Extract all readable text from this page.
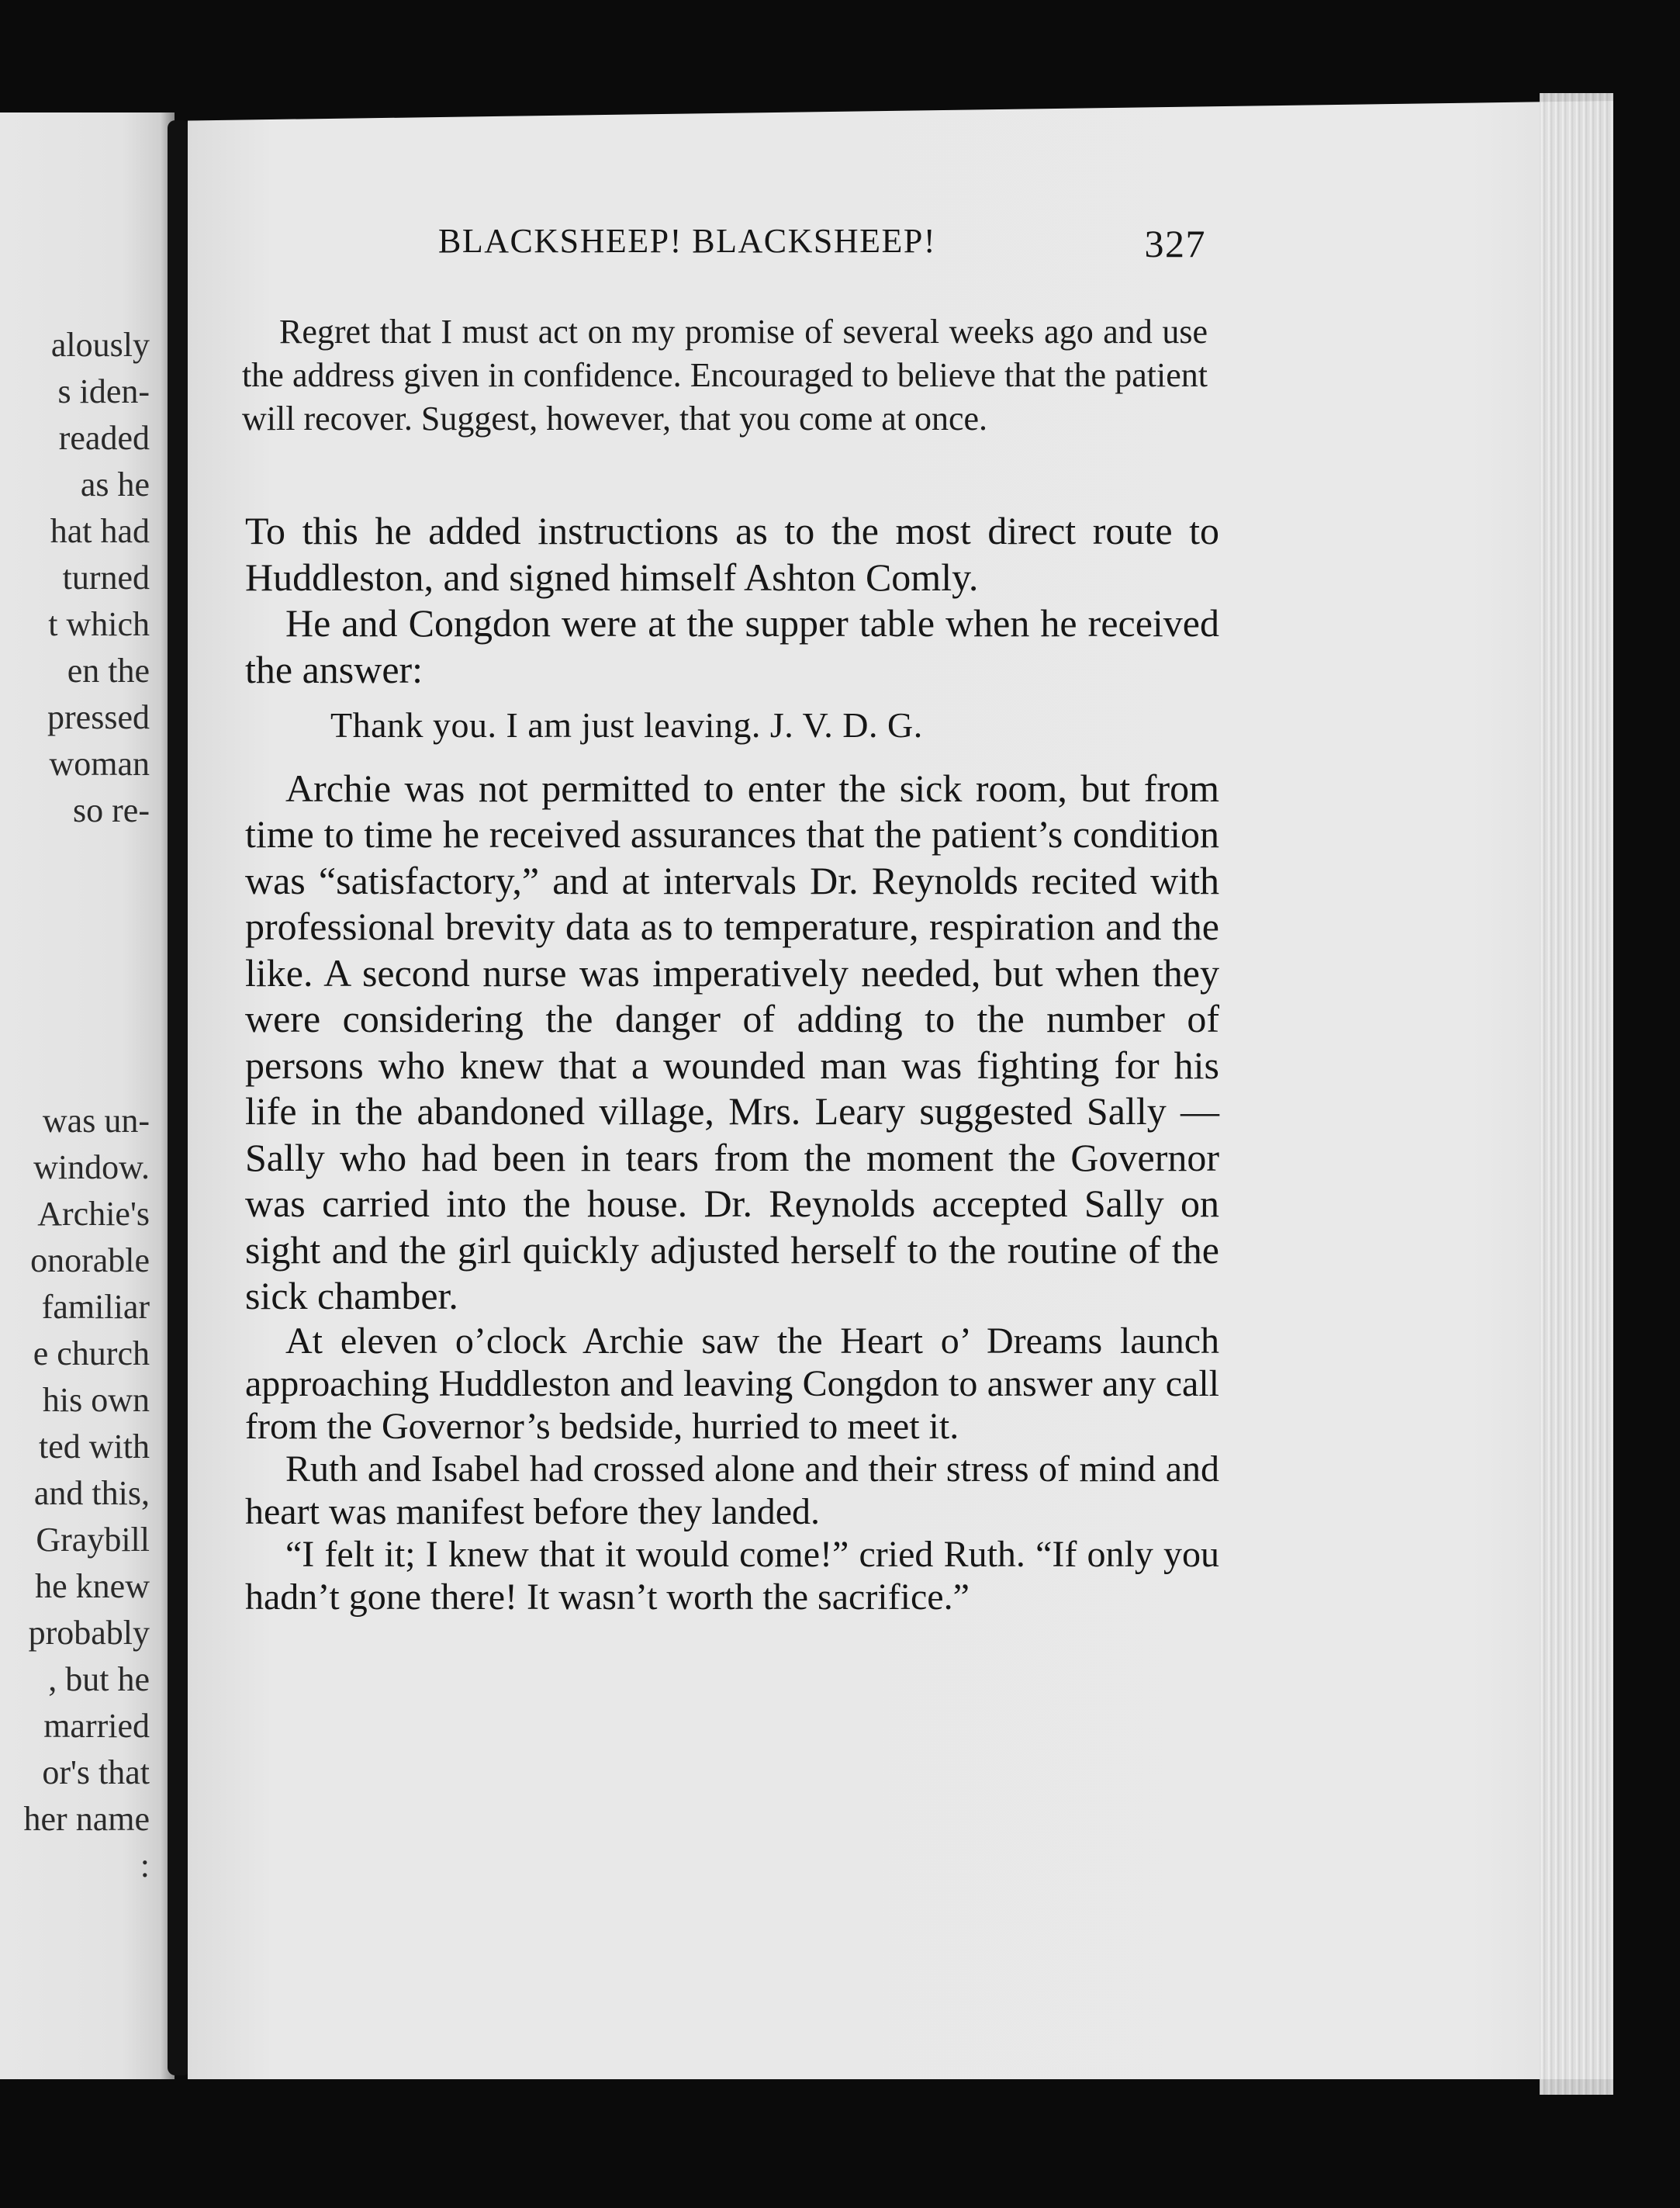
alously
s iden-
readed
as he
hat had
turned
t which
en the
pressed
woman
so re-
was un-
window.
Archie's
onorable
familiar
e church
his own
ted with
and this,
Graybill
he knew
probably
, but he
married
or's that
her name
:
BLACKSHEEP! BLACKSHEEP!	327

Regret that I must act on my promise of several weeks ago and use the address given in confidence. Encouraged to believe that the patient will recover. Suggest, however, that you come at once.

To this he added instructions as to the most direct route to Huddleston, and signed himself Ashton Comly.

He and Congdon were at the supper table when he received the answer:

Thank you. I am just leaving. J. V. D. G.

Archie was not permitted to enter the sick room, but from time to time he received assurances that the patient’s condition was “satisfactory,” and at intervals Dr. Reynolds recited with professional brevity data as to temperature, respiration and the like. A second nurse was imperatively needed, but when they were considering the danger of adding to the number of persons who knew that a wounded man was fighting for his life in the abandoned village, Mrs. Leary suggested Sally — Sally who had been in tears from the moment the Governor was carried into the house. Dr. Reynolds accepted Sally on sight and the girl quickly adjusted herself to the routine of the sick chamber.

At eleven o’clock Archie saw the Heart o’ Dreams launch approaching Huddleston and leaving Congdon to answer any call from the Governor’s bedside, hurried to meet it.

Ruth and Isabel had crossed alone and their stress of mind and heart was manifest before they landed.

“I felt it; I knew that it would come!” cried Ruth. “If only you hadn’t gone there! It wasn’t worth the sacrifice.”
